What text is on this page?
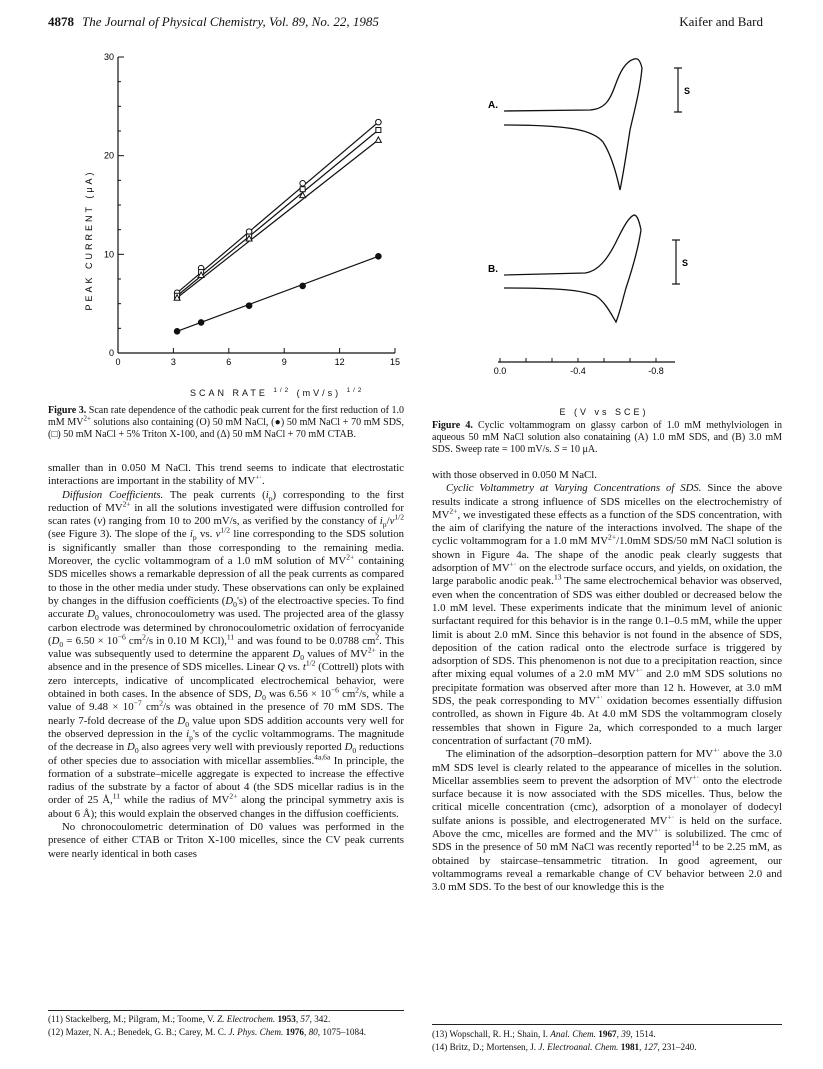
4878 The Journal of Physical Chemistry, Vol. 89, No. 22, 1985	Kaifer and Bard
0	3	6	9	12	15
0
10
20
30
PEAK CURRENT (μA)
SCAN RATE $^{1/2}$ (mV/s) $^{1/2}$
Figure 3. Scan rate dependence of the cathodic peak current for the first reduction of 1.0 mM $MV^{2+}$ solutions also containing (O) 50 mM NaCl, (●) 50 mM NaCl + 70 mM SDS, (□) 50 mM NaCl + 5% Triton X-100, and (Δ) 50 mM NaCl + 70 mM CTAB.
A.
S
B.
S
0.0	-0.4	-0.8
E (V vs SCE)
Figure 4. Cyclic voltammogram on glassy carbon of 1.0 mM methylviologen in aqueous 50 mM NaCl solution also conataining (A) 1.0 mM SDS, and (B) 3.0 mM SDS. Sweep rate = 100 mV/s. S = 10 μA.

smaller than in 0.050 M NaCl. This trend seems to indicate that electrostatic interactions are important in the stability of MV+·.

Diffusion Coefficients. The peak currents $(i_p)$ corresponding to the first reduction of $MV^{2+}$ in all the solutions investigated were diffusion controlled for scan rates (v) ranging from 10 to 200 mV/s, as verified by the constancy of $i_p/v^{1/2}$ (see Figure 3). The slope of the $i_p$ vs. $v^{1/2}$ line corresponding to the SDS solution is significantly smaller than those corresponding to the remaining media. Moreover, the cyclic voltammogram of a 1.0 mM solution of $MV^{2+}$ containing SDS micelles shows a remarkable depression of all the peak currents as compared to those in the other media under study. These observations can only be explained by changes in the diffusion coefficients $(D_0's)$ of the electroactive species. To find accurate $D_0$ values, chronocoulometry was used. The projected area of the glassy carbon electrode was determined by chronocoulometric oxidation of ferrocyanide ($D_0 = 6.50 \times 10^{-6}$ $cm^2/s$ in 0.10 M KCl),$^{11}$ and was found to be 0.0788 $cm^2$. This value was subsequently used to determine the apparent $D_0$ values of $MV^{2+}$ in the absence and in the presence of SDS micelles. Linear Q vs. $t^{1/2}$ (Cottrell) plots with zero intercepts, indicative of uncomplicated electrochemical behavior, were obtained in both cases. In the absence of SDS, $D_0$ was $6.56 \times 10^{-6}$ $cm^2/s$, while a value of $9.48 \times 10^{-7}$ $cm^2/s$ was obtained in the presence of 70 mM SDS. The nearly 7-fold decrease of the $D_0$ value upon SDS addition accounts very well for the observed depression in the $i_p's$ of the cyclic voltammograms. The magnitude of the decrease in $D_0$ also agrees very well with previously reported $D_0$ reductions of other species due to association with micellar assemblies.$^{4a,6a}$ In principle, the formation of a substrate–micelle aggregate is expected to increase the effective radius of the substrate by a factor of about 4 (the SDS micellar radius is in the order of 25 Å,$^{11}$ while the radius of $MV^{2+}$ along the principal symmetry axis is about 6 Å); this would explain the observed changes in the diffusion coefficients.

No chronocoulometric determination of D0 values was performed in the presence of either CTAB or Triton X-100 micelles, since the CV peak currents were nearly identical in both cases

(11) Stackelberg, M.; Pilgram, M.; Toome, V. Z. Electrochem. 1953, 57, 342.

(12) Mazer, N. A.; Benedek, G. B.; Carey, M. C. J. Phys. Chem. 1976, 80, 1075–1084.

with those observed in 0.050 M NaCl.

Cyclic Voltammetry at Varying Concentrations of SDS. Since the above results indicate a strong influence of SDS micelles on the electrochemistry of $MV^{2+}$, we investigated these effects as a function of the SDS concentration, with the aim of clarifying the nature of the interactions involved. The shape of the cyclic voltammogram for a 1.0 mM $MV^{2+}/1.0mM$ SDS/50 mM NaCl solution is shown in Figure 4a. The shape of the anodic peak clearly suggests that adsorption of MV+· on the electrode surface occurs, and yields, on oxidation, the large parabolic anodic peak.$^{13}$ The same electrochemical behavior was observed, even when the concentration of SDS was either doubled or decreased below the 1.0 mM level. These experiments indicate that the minimum level of anionic surfactant required for this behavior is in the range 0.1–0.5 mM, while the upper limit is about 2.0 mM. Since this behavior is not found in the absence of SDS, deposition of the cation radical onto the electrode surface is triggered by adsorption of SDS. This phenomenon is not due to a precipitation reaction, since after mixing equal volumes of a 2.0 mM MV+· and 2.0 mM SDS solutions no precipitate formation was observed after more than 12 h. However, at 3.0 mM SDS, the peak corresponding to MV+· oxidation becomes essentially diffusion controlled, as shown in Figure 4b. At 4.0 mM SDS the voltammogram closely ressembles that shown in Figure 2a, which corresponded to a much larger concentration of surfactant (70 mM).

The elimination of the adsorption–desorption pattern for MV+· above the 3.0 mM SDS level is clearly related to the appearance of micelles in the solution. Micellar assemblies seem to prevent the adsorption of MV+· onto the electrode surface because it is now associated with the SDS micelles. Thus, below the critical micelle concentration (cmc), adsorption of a monolayer of dodecyl sulfate anions is possible, and electrogenerated MV+· is held on the surface. Above the cmc, micelles are formed and the MV+· is solubilized. The cmc of SDS in the presence of 50 mM NaCl was recently reported$^{14}$ to be 2.25 mM, as obtained by staircase–tensammetric titration. In good agreement, our voltammograms reveal a remarkable change of CV behavior between 2.0 and 3.0 mM SDS. To the best of our knowledge this is the

(13) Wopschall, R. H.; Shain, I. Anal. Chem. 1967, 39, 1514.

(14) Britz, D.; Mortensen, J. J. Electroanal. Chem. 1981, 127, 231–240.
